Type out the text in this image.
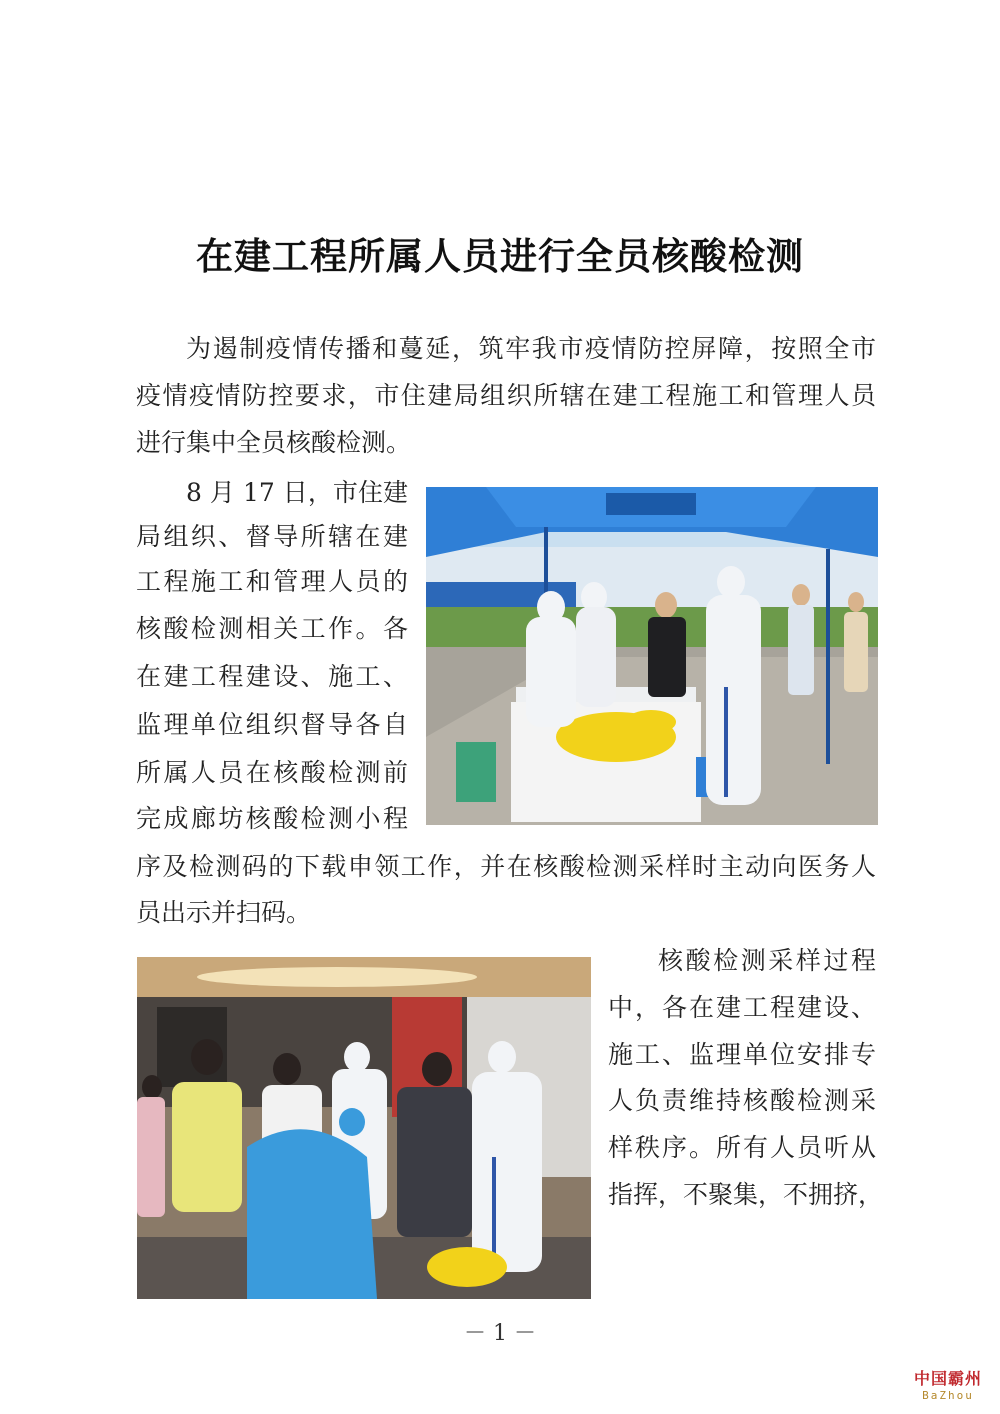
在建工程所属人员进行全员核酸检测
为遏制疫情传播和蔓延，筑牢我市疫情防控屏障，按照全市
疫情疫情防控要求，市住建局组织所辖在建工程施工和管理人员
进行集中全员核酸检测。
8 月 17 日，市住建
局组织、督导所辖在建
工程施工和管理人员的
核酸检测相关工作。各
在建工程建设、施工、
监理单位组织督导各自
所属人员在核酸检测前
完成廊坊核酸检测小程
序及检测码的下载申领工作，并在核酸检测采样时主动向医务人
员出示并扫码。
核酸检测采样过程
中，各在建工程建设、
施工、监理单位安排专
人负责维持核酸检测采
样秩序。所有人员听从
指挥，不聚集，不拥挤，
－ 1 －
中国霸州
BaZhou
